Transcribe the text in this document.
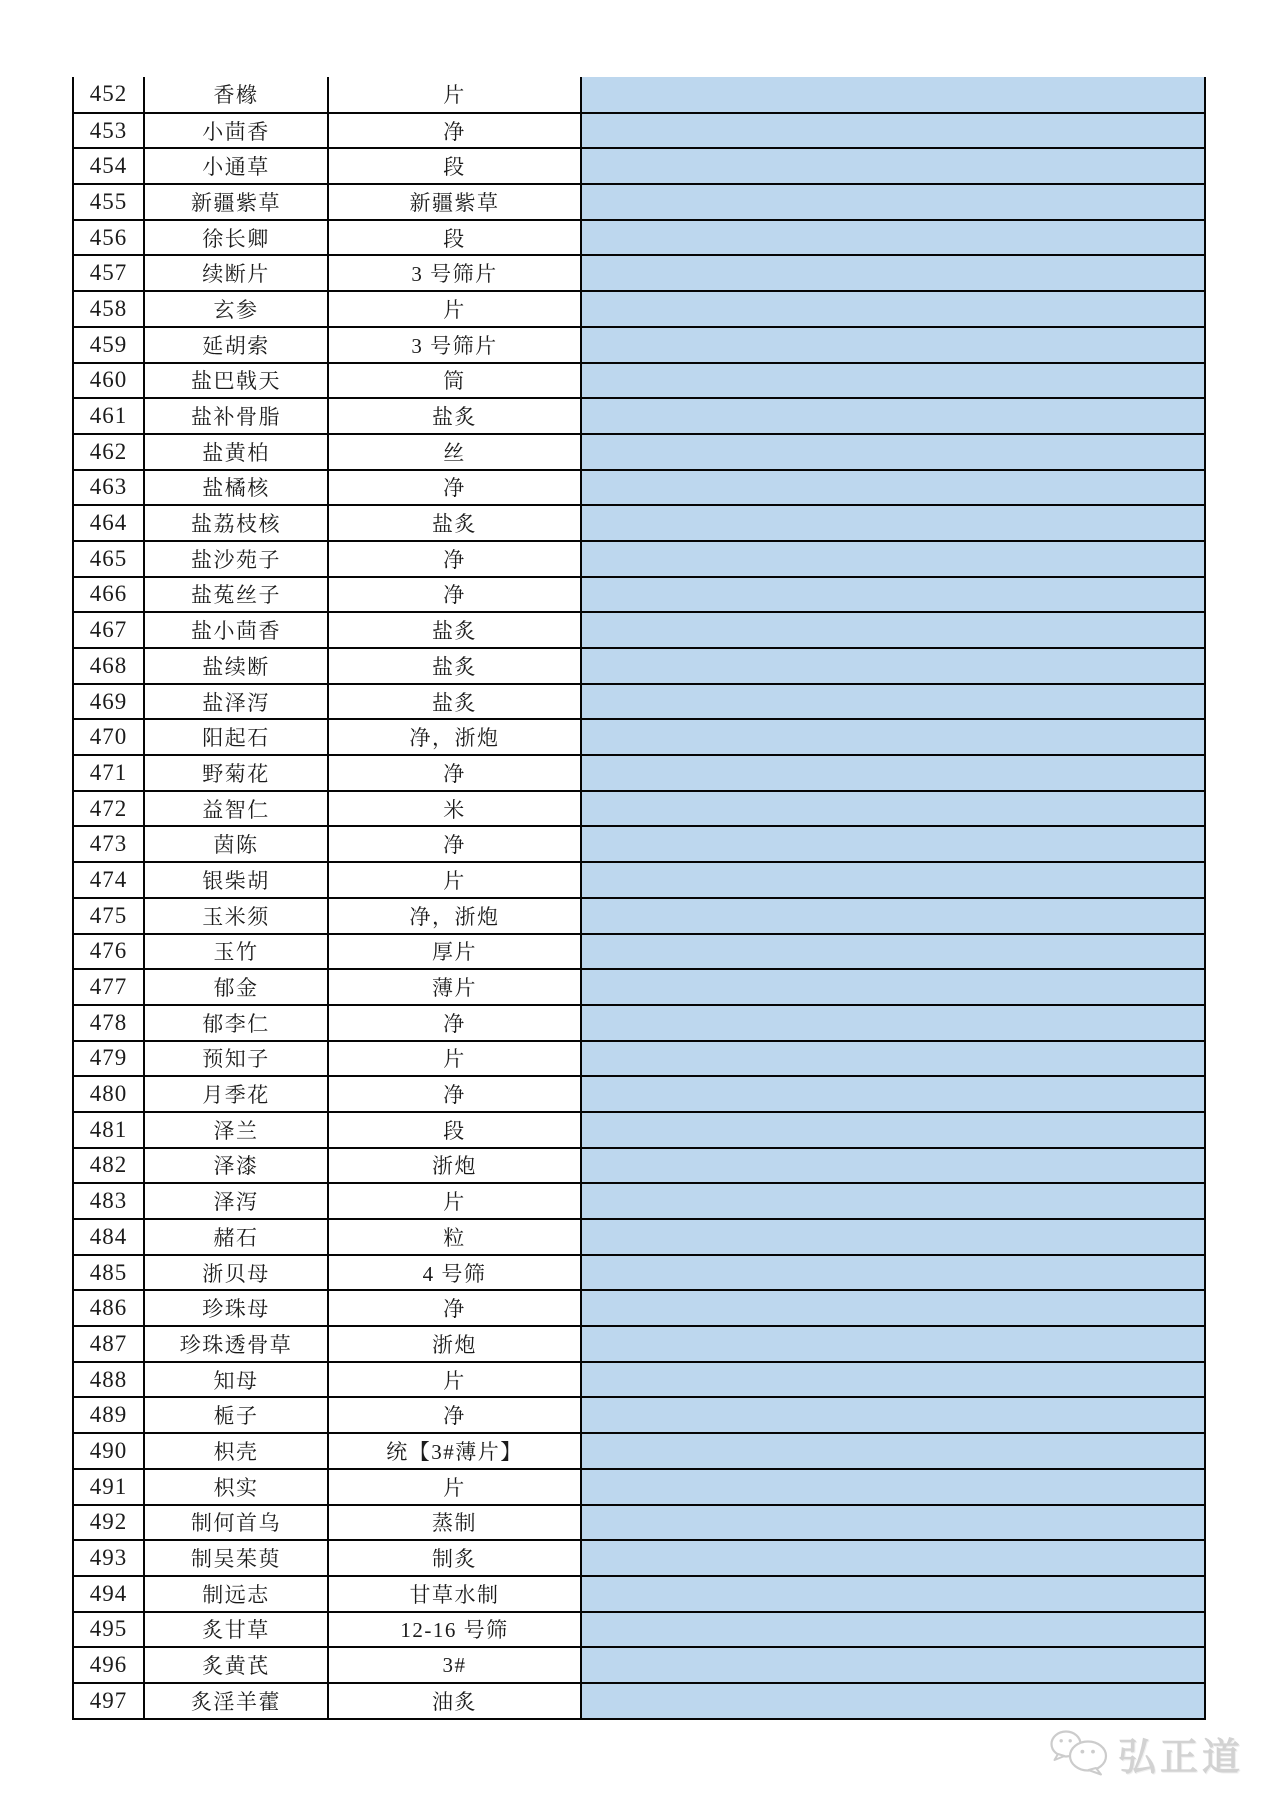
452	香橼	片	
453	小茴香	净	
454	小通草	段	
455	新疆紫草	新疆紫草	
456	徐长卿	段	
457	续断片	3 号筛片	
458	玄参	片	
459	延胡索	3 号筛片	
460	盐巴戟天	筒	
461	盐补骨脂	盐炙	
462	盐黄柏	丝	
463	盐橘核	净	
464	盐荔枝核	盐炙	
465	盐沙苑子	净	
466	盐菟丝子	净	
467	盐小茴香	盐炙	
468	盐续断	盐炙	
469	盐泽泻	盐炙	
470	阳起石	净，浙炮	
471	野菊花	净	
472	益智仁	米	
473	茵陈	净	
474	银柴胡	片	
475	玉米须	净，浙炮	
476	玉竹	厚片	
477	郁金	薄片	
478	郁李仁	净	
479	预知子	片	
480	月季花	净	
481	泽兰	段	
482	泽漆	浙炮	
483	泽泻	片	
484	赭石	粒	
485	浙贝母	4 号筛	
486	珍珠母	净	
487	珍珠透骨草	浙炮	
488	知母	片	
489	栀子	净	
490	枳壳	统【3#薄片】	
491	枳实	片	
492	制何首乌	蒸制	
493	制吴茱萸	制炙	
494	制远志	甘草水制	
495	炙甘草	12-16 号筛	
496	炙黄芪	3#	
497	炙淫羊藿	油炙	
弘正道
